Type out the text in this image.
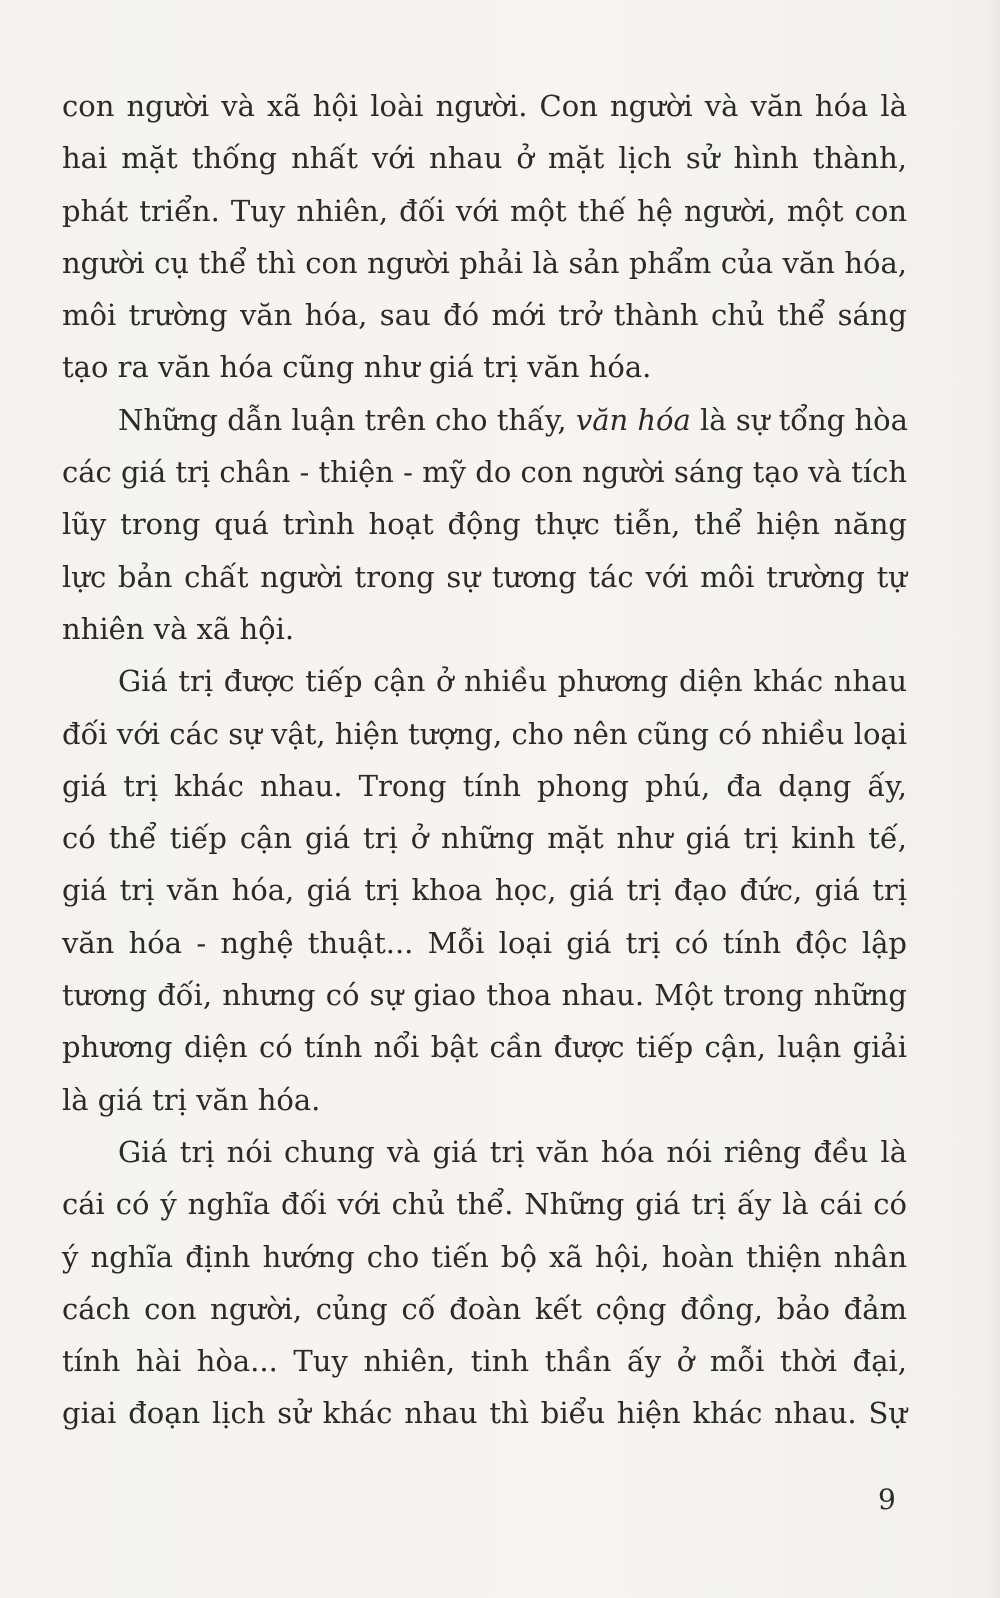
con người và xã hội loài người. Con người và văn hóa là
hai mặt thống nhất với nhau ở mặt lịch sử hình thành,
phát triển. Tuy nhiên, đối với một thế hệ người, một con
người cụ thể thì con người phải là sản phẩm của văn hóa,
môi trường văn hóa, sau đó mới trở thành chủ thể sáng
tạo ra văn hóa cũng như giá trị văn hóa.
Những dẫn luận trên cho thấy, văn hóa là sự tổng hòa
các giá trị chân - thiện - mỹ do con người sáng tạo và tích
lũy trong quá trình hoạt động thực tiễn, thể hiện năng
lực bản chất người trong sự tương tác với môi trường tự
nhiên và xã hội.
Giá trị được tiếp cận ở nhiều phương diện khác nhau
đối với các sự vật, hiện tượng, cho nên cũng có nhiều loại
giá trị khác nhau. Trong tính phong phú, đa dạng ấy,
có thể tiếp cận giá trị ở những mặt như giá trị kinh tế,
giá trị văn hóa, giá trị khoa học, giá trị đạo đức, giá trị
văn hóa - nghệ thuật... Mỗi loại giá trị có tính độc lập
tương đối, nhưng có sự giao thoa nhau. Một trong những
phương diện có tính nổi bật cần được tiếp cận, luận giải
là giá trị văn hóa.
Giá trị nói chung và giá trị văn hóa nói riêng đều là
cái có ý nghĩa đối với chủ thể. Những giá trị ấy là cái có
ý nghĩa định hướng cho tiến bộ xã hội, hoàn thiện nhân
cách con người, củng cố đoàn kết cộng đồng, bảo đảm
tính hài hòa... Tuy nhiên, tinh thần ấy ở mỗi thời đại,
giai đoạn lịch sử khác nhau thì biểu hiện khác nhau. Sự
9
